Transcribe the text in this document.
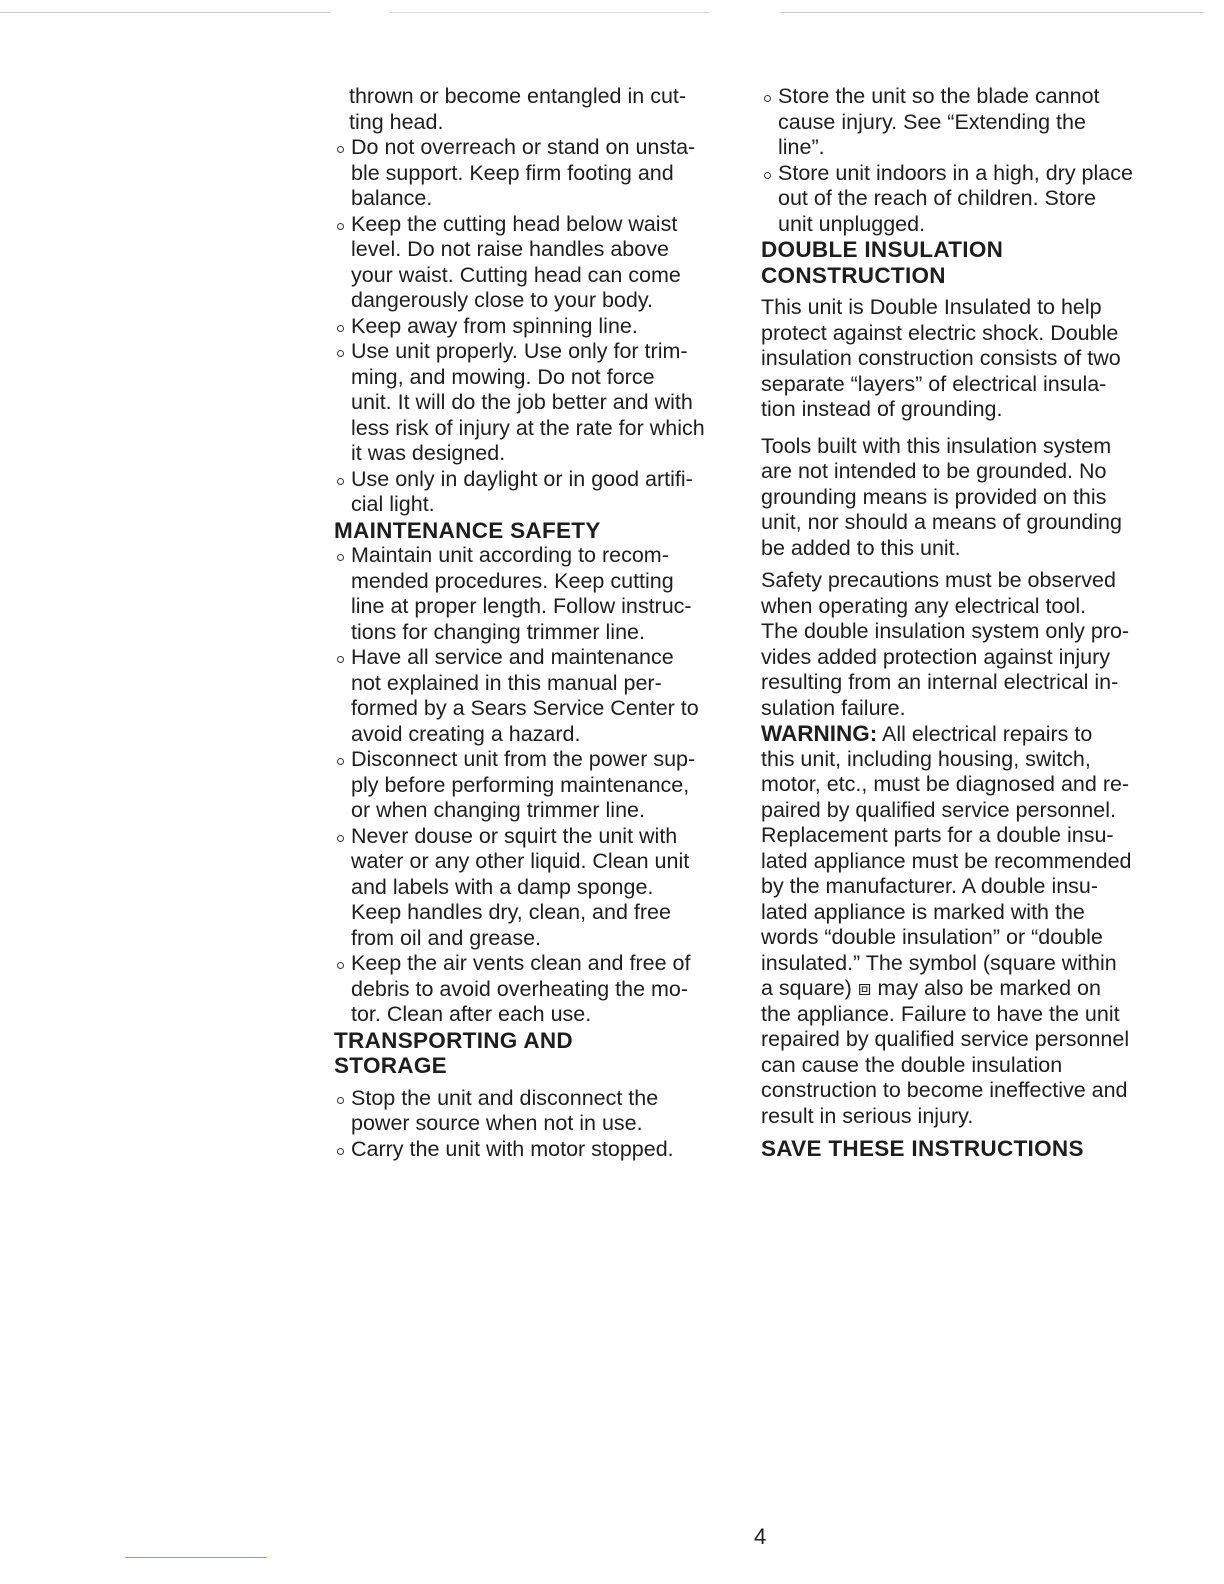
thrown or become entangled in cut-
ting head.
Do not overreach or stand on unsta-
ble support. Keep firm footing and
balance.
Keep the cutting head below waist
level. Do not raise handles above
your waist. Cutting head can come
dangerously close to your body.
Keep away from spinning line.
Use unit properly. Use only for trim-
ming, and mowing. Do not force
unit. It will do the job better and with
less risk of injury at the rate for which
it was designed.
Use only in daylight or in good artifi-
cial light.
MAINTENANCE SAFETY
Maintain unit according to recom-
mended procedures. Keep cutting
line at proper length. Follow instruc-
tions for changing trimmer line.
Have all service and maintenance
not explained in this manual per-
formed by a Sears Service Center to
avoid creating a hazard.
Disconnect unit from the power sup-
ply before performing maintenance,
or when changing trimmer line.
Never douse or squirt the unit with
water or any other liquid. Clean unit
and labels with a damp sponge.
Keep handles dry, clean, and free
from oil and grease.
Keep the air vents clean and free of
debris to avoid overheating the mo-
tor. Clean after each use.
TRANSPORTING AND
STORAGE
Stop the unit and disconnect the
power source when not in use.
Carry the unit with motor stopped.
Store the unit so the blade cannot
cause injury. See “Extending the
line”.
Store unit indoors in a high, dry place
out of the reach of children. Store
unit unplugged.
DOUBLE INSULATION
CONSTRUCTION
This unit is Double Insulated to help
protect against electric shock. Double
insulation construction consists of two
separate “layers” of electrical insula-
tion instead of grounding.
Tools built with this insulation system
are not intended to be grounded. No
grounding means is provided on this
unit, nor should a means of grounding
be added to this unit.
Safety precautions must be observed
when operating any electrical tool.
The double insulation system only pro-
vides added protection against injury
resulting from an internal electrical in-
sulation failure.
WARNING: All electrical repairs to
this unit, including housing, switch,
motor, etc., must be diagnosed and re-
paired by qualified service personnel.
Replacement parts for a double insu-
lated appliance must be recommended
by the manufacturer. A double insu-
lated appliance is marked with the
words “double insulation” or “double
insulated.” The symbol (square within
a square) ⧈ may also be marked on
the appliance. Failure to have the unit
repaired by qualified service personnel
can cause the double insulation
construction to become ineffective and
result in serious injury.
SAVE THESE INSTRUCTIONS
4
